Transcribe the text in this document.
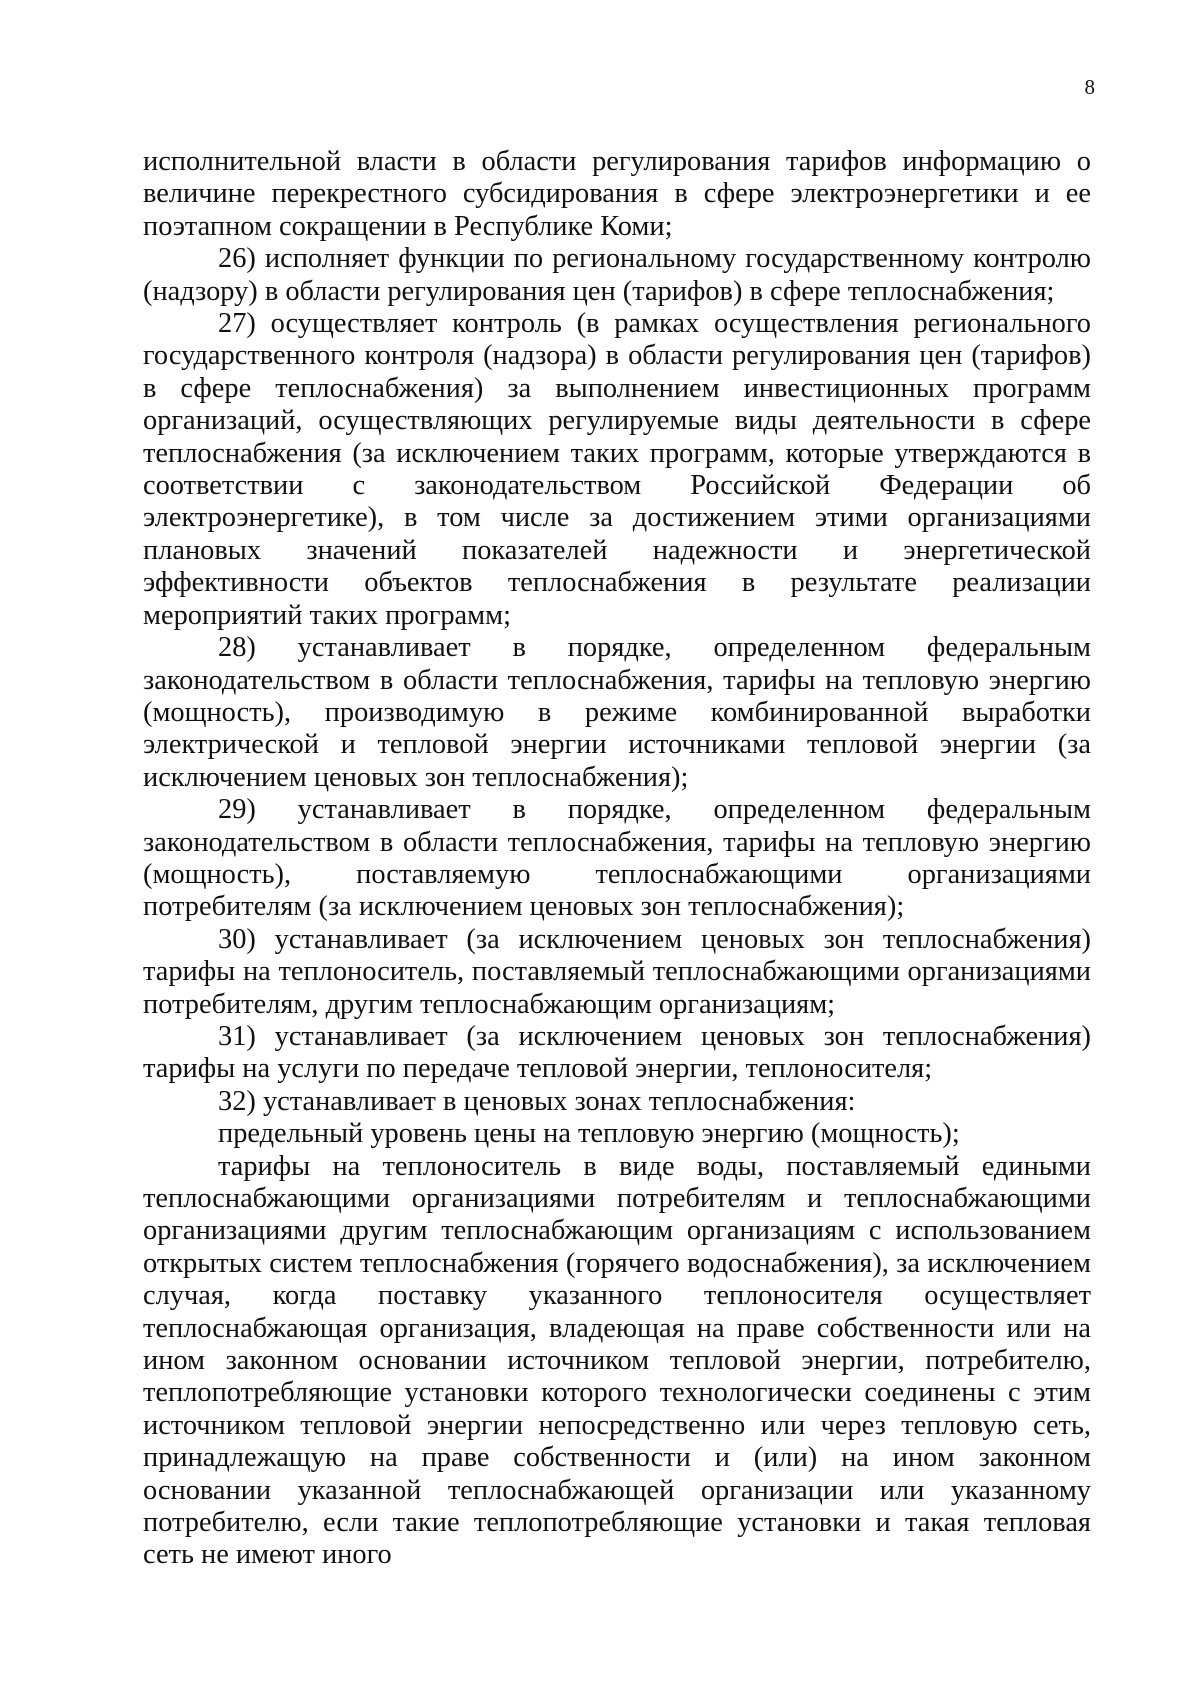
8

исполнительной власти в области регулирования тарифов информацию о величине перекрестного субсидирования в сфере электроэнергетики и ее поэтапном сокращении в Республике Коми;

26) исполняет функции по региональному государственному контролю (надзору) в области регулирования цен (тарифов) в сфере теплоснабжения;

27) осуществляет контроль (в рамках осуществления регионального государственного контроля (надзора) в области регулирования цен (тарифов) в сфере теплоснабжения) за выполнением инвестиционных программ организаций, осуществляющих регулируемые виды деятельности в сфере теплоснабжения (за исключением таких программ, которые утверждаются в соответствии с законодательством Российской Федерации об электроэнергетике), в том числе за достижением этими организациями плановых значений показателей надежности и энергетической эффективности объектов теплоснабжения в результате реализации мероприятий таких программ;

28) устанавливает в порядке, определенном федеральным законодательством в области теплоснабжения, тарифы на тепловую энергию (мощность), производимую в режиме комбинированной выработки электрической и тепловой энергии источниками тепловой энергии (за исключением ценовых зон теплоснабжения);

29) устанавливает в порядке, определенном федеральным законодательством в области теплоснабжения, тарифы на тепловую энергию (мощность), поставляемую теплоснабжающими организациями потребителям (за исключением ценовых зон теплоснабжения);

30) устанавливает (за исключением ценовых зон теплоснабжения) тарифы на теплоноситель, поставляемый теплоснабжающими организациями потребителям, другим теплоснабжающим организациям;

31) устанавливает (за исключением ценовых зон теплоснабжения) тарифы на услуги по передаче тепловой энергии, теплоносителя;

32) устанавливает в ценовых зонах теплоснабжения:

предельный уровень цены на тепловую энергию (мощность);

тарифы на теплоноситель в виде воды, поставляемый едиными теплоснабжающими организациями потребителям и теплоснабжающими организациями другим теплоснабжающим организациям с использованием открытых систем теплоснабжения (горячего водоснабжения), за исключением случая, когда поставку указанного теплоносителя осуществляет теплоснабжающая организация, владеющая на праве собственности или на ином законном основании источником тепловой энергии, потребителю, теплопотребляющие установки которого технологически соединены с этим источником тепловой энергии непосредственно или через тепловую сеть, принадлежащую на праве собственности и (или) на ином законном основании указанной теплоснабжающей организации или указанному потребителю, если такие теплопотребляющие установки и такая тепловая сеть не имеют иного
